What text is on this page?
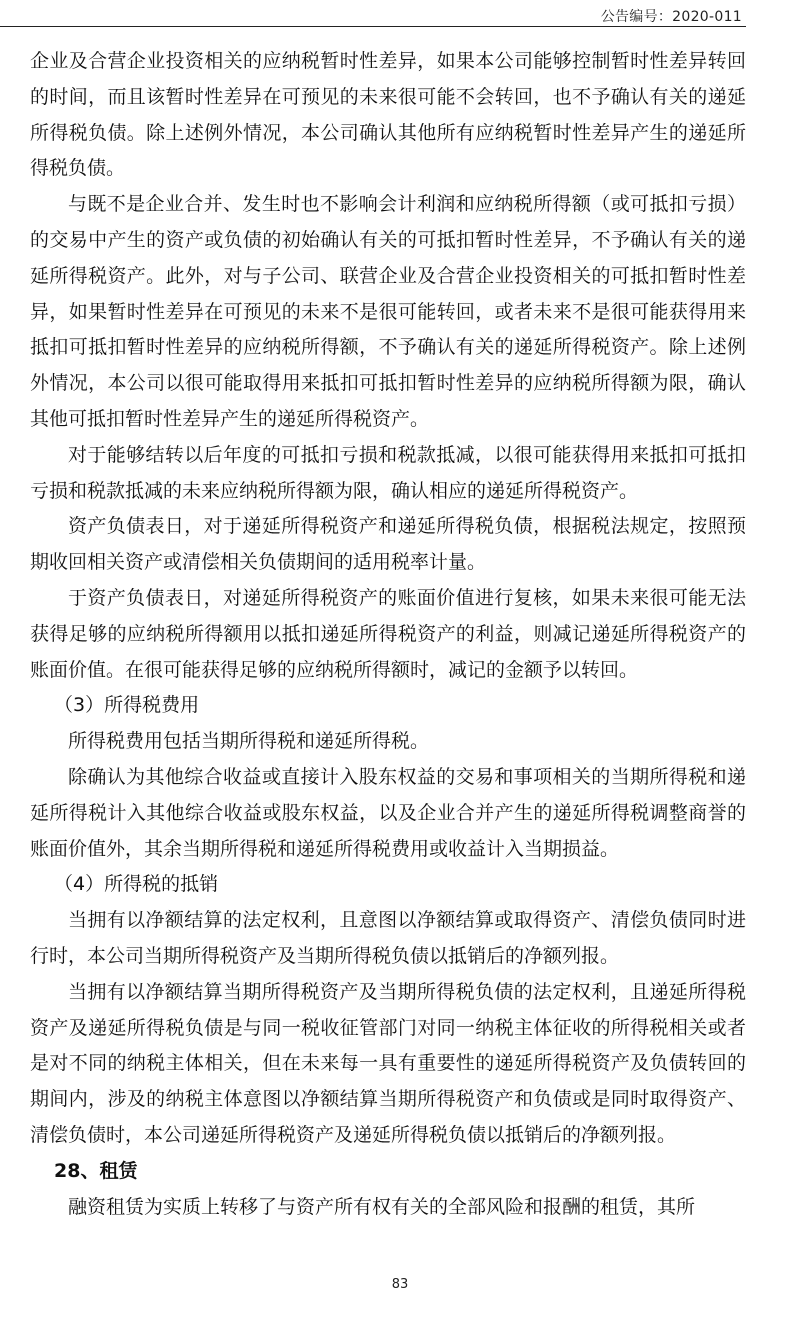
公告编号：2020-011

企业及合营企业投资相关的应纳税暂时性差异，如果本公司能够控制暂时性差异转回的时间，而且该暂时性差异在可预见的未来很可能不会转回，也不予确认有关的递延所得税负债。除上述例外情况，本公司确认其他所有应纳税暂时性差异产生的递延所得税负债。

与既不是企业合并、发生时也不影响会计利润和应纳税所得额（或可抵扣亏损）的交易中产生的资产或负债的初始确认有关的可抵扣暂时性差异，不予确认有关的递延所得税资产。此外，对与子公司、联营企业及合营企业投资相关的可抵扣暂时性差异，如果暂时性差异在可预见的未来不是很可能转回，或者未来不是很可能获得用来抵扣可抵扣暂时性差异的应纳税所得额，不予确认有关的递延所得税资产。除上述例外情况，本公司以很可能取得用来抵扣可抵扣暂时性差异的应纳税所得额为限，确认其他可抵扣暂时性差异产生的递延所得税资产。

对于能够结转以后年度的可抵扣亏损和税款抵减，以很可能获得用来抵扣可抵扣亏损和税款抵减的未来应纳税所得额为限，确认相应的递延所得税资产。

资产负债表日，对于递延所得税资产和递延所得税负债，根据税法规定，按照预期收回相关资产或清偿相关负债期间的适用税率计量。

于资产负债表日，对递延所得税资产的账面价值进行复核，如果未来很可能无法获得足够的应纳税所得额用以抵扣递延所得税资产的利益，则减记递延所得税资产的账面价值。在很可能获得足够的应纳税所得额时，减记的金额予以转回。

（3）所得税费用

所得税费用包括当期所得税和递延所得税。

除确认为其他综合收益或直接计入股东权益的交易和事项相关的当期所得税和递延所得税计入其他综合收益或股东权益，以及企业合并产生的递延所得税调整商誉的账面价值外，其余当期所得税和递延所得税费用或收益计入当期损益。

（4）所得税的抵销

当拥有以净额结算的法定权利，且意图以净额结算或取得资产、清偿负债同时进行时，本公司当期所得税资产及当期所得税负债以抵销后的净额列报。

当拥有以净额结算当期所得税资产及当期所得税负债的法定权利，且递延所得税资产及递延所得税负债是与同一税收征管部门对同一纳税主体征收的所得税相关或者是对不同的纳税主体相关，但在未来每一具有重要性的递延所得税资产及负债转回的期间内，涉及的纳税主体意图以净额结算当期所得税资产和负债或是同时取得资产、清偿负债时，本公司递延所得税资产及递延所得税负债以抵销后的净额列报。

28、租赁

融资租赁为实质上转移了与资产所有权有关的全部风险和报酬的租赁，其所

83
